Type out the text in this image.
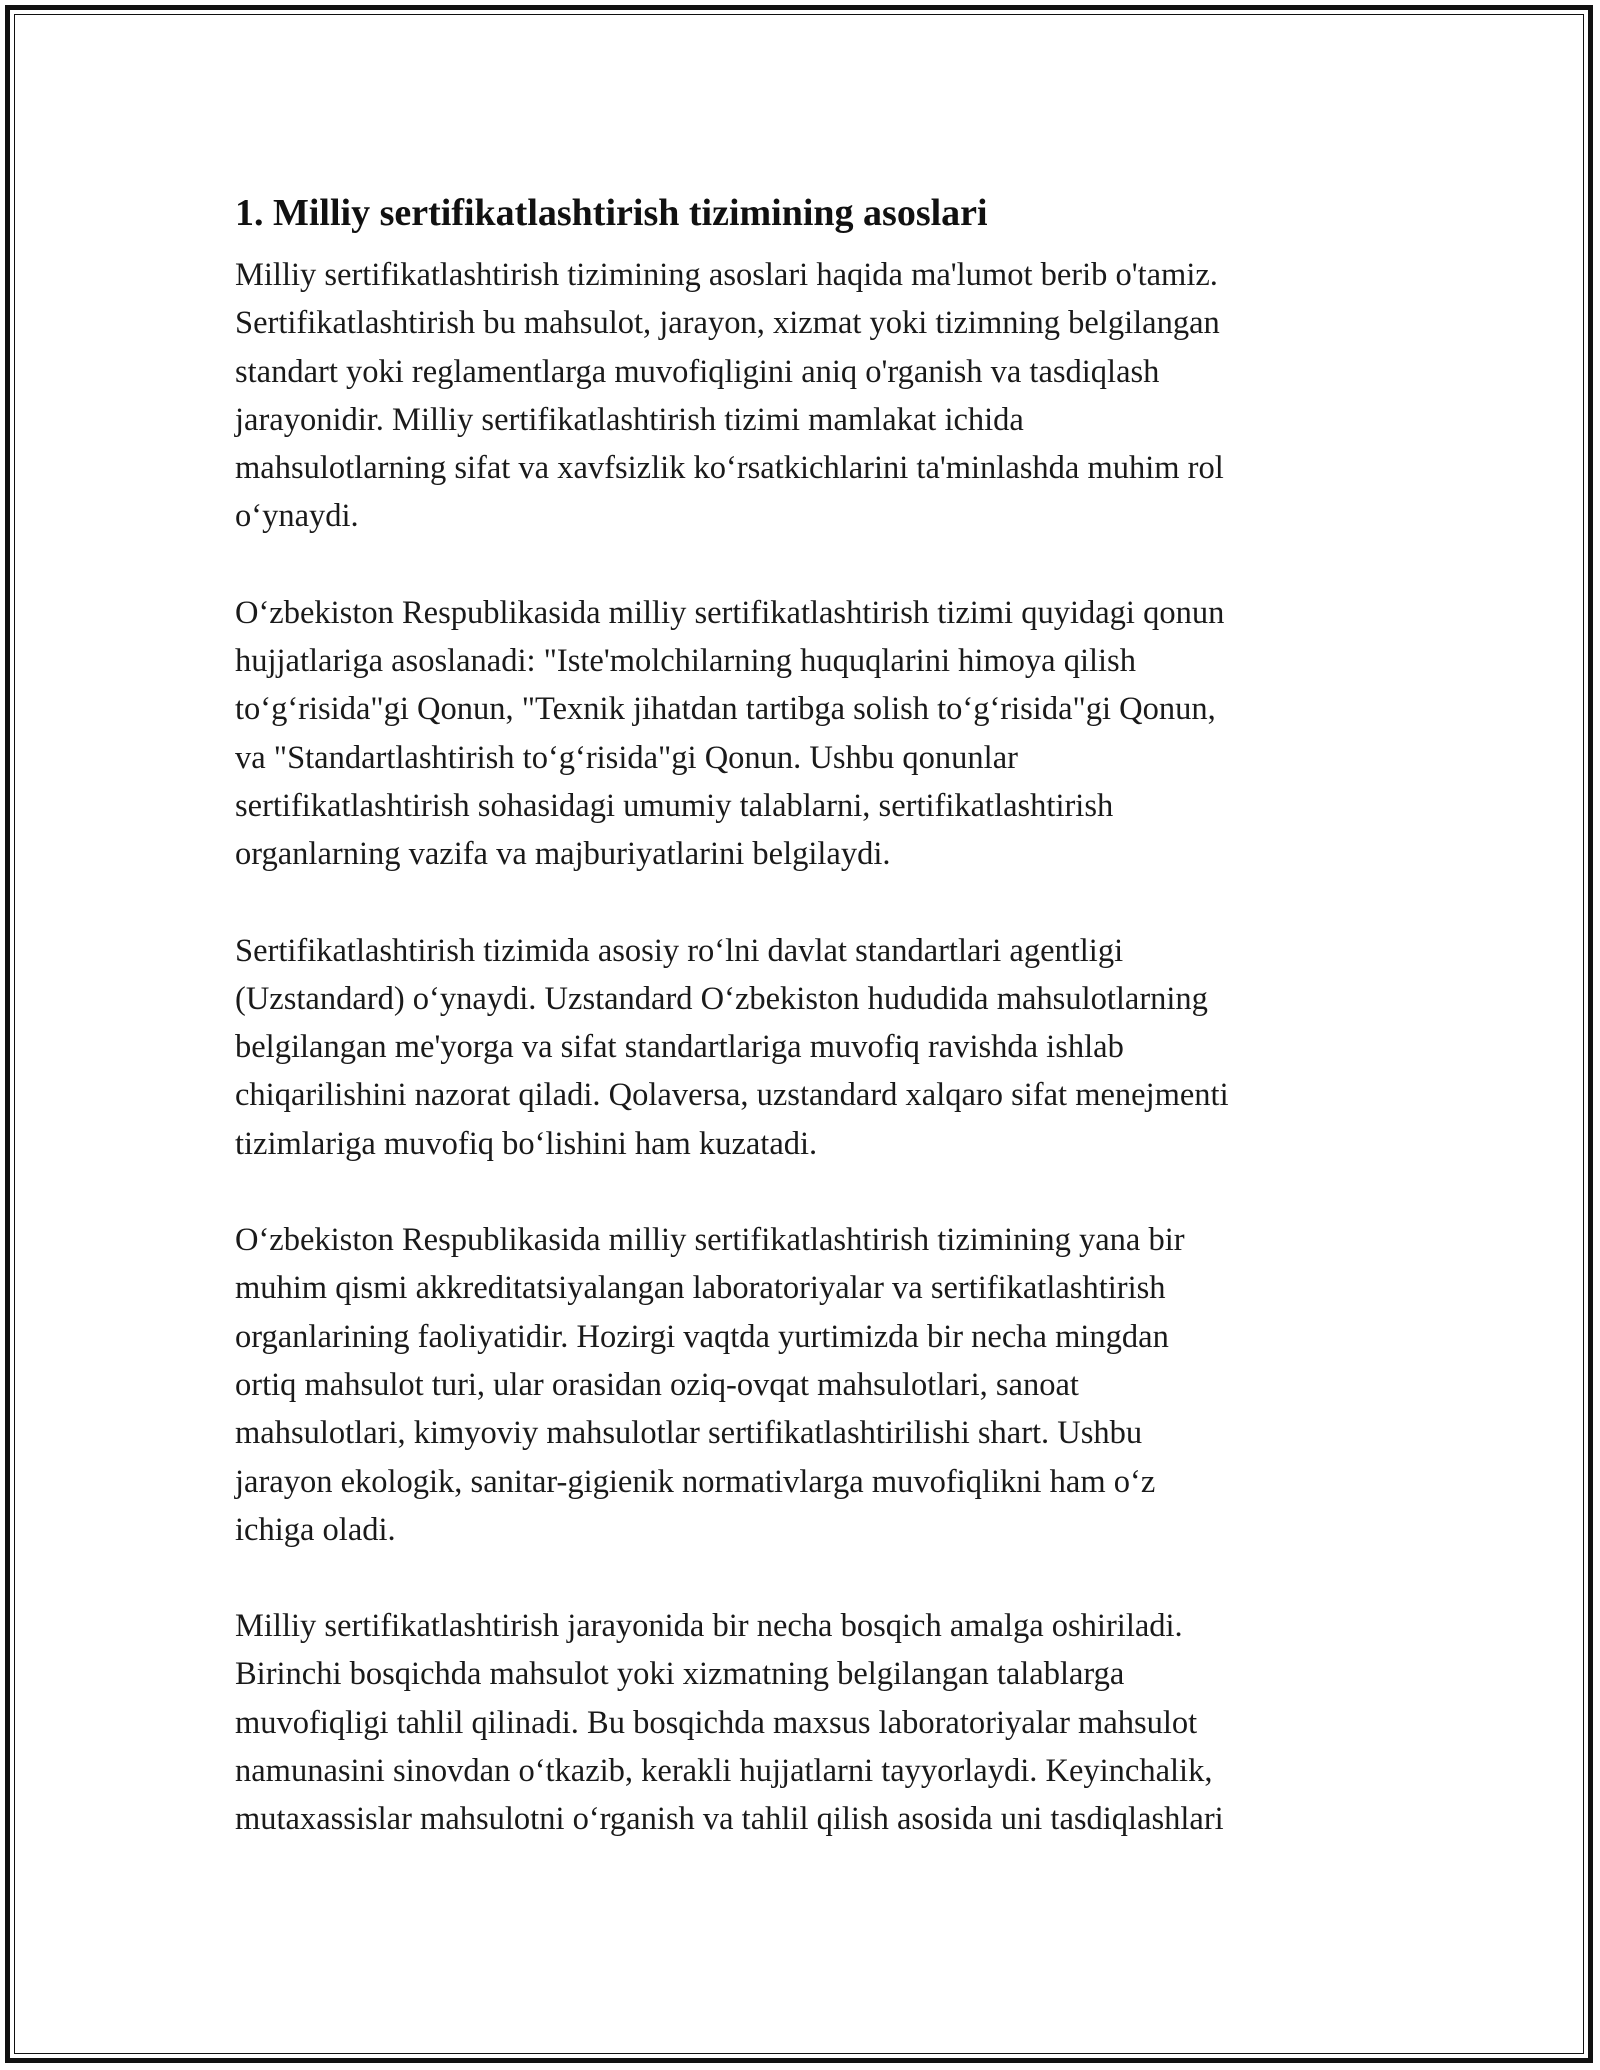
1. Milliy sertifikatlashtirish tizimining asoslari

Milliy sertifikatlashtirish tizimining asoslari haqida ma'lumot berib o'tamiz.
Sertifikatlashtirish bu mahsulot, jarayon, xizmat yoki tizimning belgilangan
standart yoki reglamentlarga muvofiqligini aniq o'rganish va tasdiqlash
jarayonidir. Milliy sertifikatlashtirish tizimi mamlakat ichida
mahsulotlarning sifat va xavfsizlik ko‘rsatkichlarini ta'minlashda muhim rol
o‘ynaydi.

O‘zbekiston Respublikasida milliy sertifikatlashtirish tizimi quyidagi qonun
hujjatlariga asoslanadi: "Iste'molchilarning huquqlarini himoya qilish
to‘g‘risida"gi Qonun, "Texnik jihatdan tartibga solish to‘g‘risida"gi Qonun,
va "Standartlashtirish to‘g‘risida"gi Qonun. Ushbu qonunlar
sertifikatlashtirish sohasidagi umumiy talablarni, sertifikatlashtirish
organlarning vazifa va majburiyatlarini belgilaydi.

Sertifikatlashtirish tizimida asosiy ro‘lni davlat standartlari agentligi
(Uzstandard) o‘ynaydi. Uzstandard O‘zbekiston hududida mahsulotlarning
belgilangan me'yorga va sifat standartlariga muvofiq ravishda ishlab
chiqarilishini nazorat qiladi. Qolaversa, uzstandard xalqaro sifat menejmenti
tizimlariga muvofiq bo‘lishini ham kuzatadi.

O‘zbekiston Respublikasida milliy sertifikatlashtirish tizimining yana bir
muhim qismi akkreditatsiyalangan laboratoriyalar va sertifikatlashtirish
organlarining faoliyatidir. Hozirgi vaqtda yurtimizda bir necha mingdan
ortiq mahsulot turi, ular orasidan oziq-ovqat mahsulotlari, sanoat
mahsulotlari, kimyoviy mahsulotlar sertifikatlashtirilishi shart. Ushbu
jarayon ekologik, sanitar-gigienik normativlarga muvofiqlikni ham o‘z
ichiga oladi.

Milliy sertifikatlashtirish jarayonida bir necha bosqich amalga oshiriladi.
Birinchi bosqichda mahsulot yoki xizmatning belgilangan talablarga
muvofiqligi tahlil qilinadi. Bu bosqichda maxsus laboratoriyalar mahsulot
namunasini sinovdan o‘tkazib, kerakli hujjatlarni tayyorlaydi. Keyinchalik,
mutaxassislar mahsulotni o‘rganish va tahlil qilish asosida uni tasdiqlashlari
